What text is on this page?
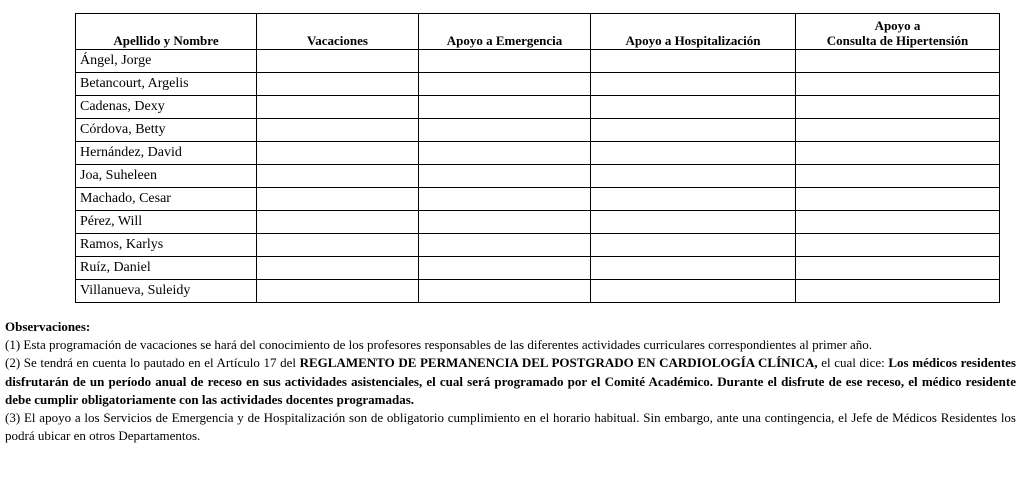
Apellido y Nombre	Vacaciones	Apoyo a Emergencia	Apoyo a Hospitalización	Apoyo a
Consulta de Hipertensión
Ángel, Jorge				
Betancourt, Argelis				
Cadenas, Dexy				
Córdova, Betty				
Hernández, David				
Joa, Suheleen				
Machado, Cesar				
Pérez, Will				
Ramos, Karlys				
Ruíz, Daniel				
Villanueva, Suleidy				

Observaciones:

(1) Esta programación de vacaciones se hará del conocimiento de los profesores responsables de las diferentes actividades curriculares correspondientes al primer año.

(2) Se tendrá en cuenta lo pautado en el Artículo 17 del REGLAMENTO DE PERMANENCIA DEL POSTGRADO EN CARDIOLOGÍA CLÍNICA, el cual dice: Los médicos residentes disfrutarán de un período anual de receso en sus actividades asistenciales, el cual será programado por el Comité Académico. Durante el disfrute de ese receso, el médico residente debe cumplir obligatoriamente con las actividades docentes programadas.

(3) El apoyo a los Servicios de Emergencia y de Hospitalización son de obligatorio cumplimiento en el horario habitual. Sin embargo, ante una contingencia, el Jefe de Médicos Residentes los podrá ubicar en otros Departamentos.
